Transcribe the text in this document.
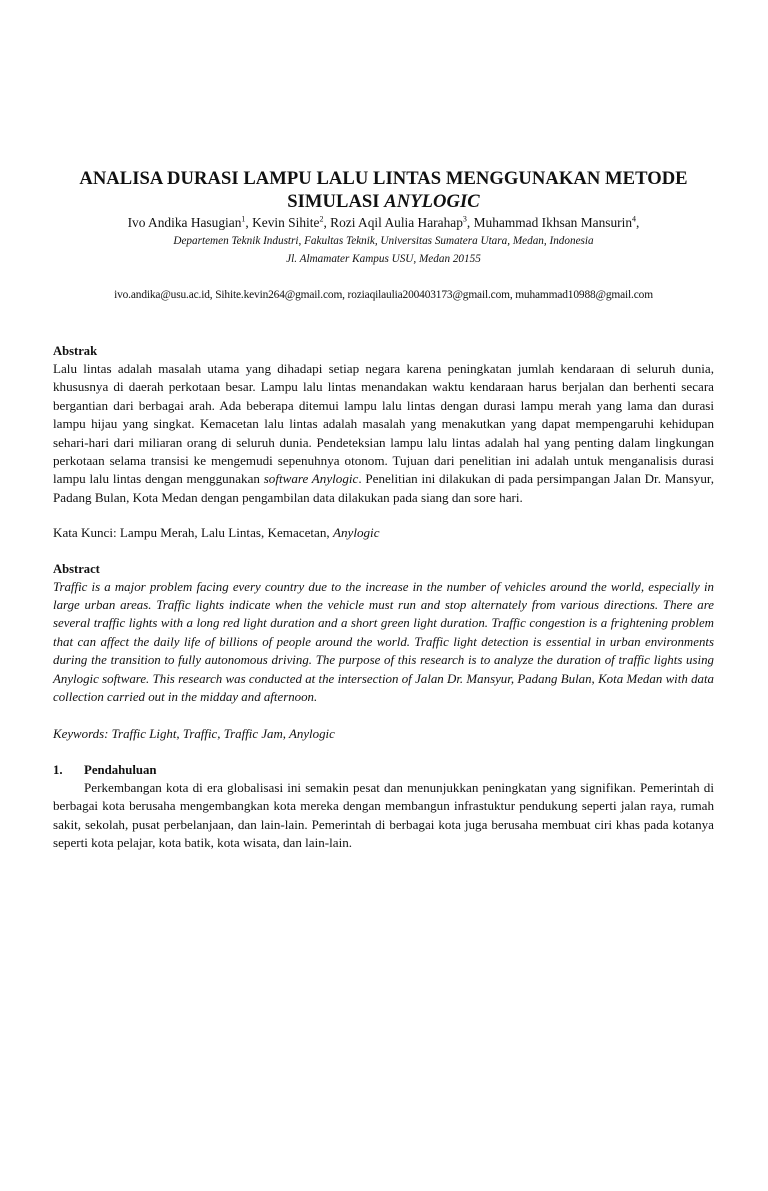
ANALISA DURASI LAMPU LALU LINTAS MENGGUNAKAN METODE
SIMULASI ANYLOGIC
Ivo Andika Hasugian$^1$, Kevin Sihite$^2$, Rozi Aqil Aulia Harahap$^3$, Muhammad Ikhsan Mansurin$^4$,
Departemen Teknik Industri, Fakultas Teknik, Universitas Sumatera Utara, Medan, Indonesia
Jl. Almamater Kampus USU, Medan 20155
ivo.andika@usu.ac.id, Sihite.kevin264@gmail.com, roziaqilaulia200403173@gmail.com, muhammad10988@gmail.com
Abstrak

Lalu lintas adalah masalah utama yang dihadapi setiap negara karena peningkatan jumlah kendaraan di seluruh dunia, khususnya di daerah perkotaan besar. Lampu lalu lintas menandakan waktu kendaraan harus berjalan dan berhenti secara bergantian dari berbagai arah. Ada beberapa ditemui lampu lalu lintas dengan durasi lampu merah yang lama dan durasi lampu hijau yang singkat. Kemacetan lalu lintas adalah masalah yang menakutkan yang dapat mempengaruhi kehidupan sehari-hari dari miliaran orang di seluruh dunia. Pendeteksian lampu lalu lintas adalah hal yang penting dalam lingkungan perkotaan selama transisi ke mengemudi sepenuhnya otonom. Tujuan dari penelitian ini adalah untuk menganalisis durasi lampu lalu lintas dengan menggunakan software Anylogic. Penelitian ini dilakukan di pada persimpangan Jalan Dr. Mansyur, Padang Bulan, Kota Medan dengan pengambilan data dilakukan pada siang dan sore hari.

Kata Kunci: Lampu Merah, Lalu Lintas, Kemacetan, Anylogic

Abstract

Traffic is a major problem facing every country due to the increase in the number of vehicles around the world, especially in large urban areas. Traffic lights indicate when the vehicle must run and stop alternately from various directions. There are several traffic lights with a long red light duration and a short green light duration. Traffic congestion is a frightening problem that can affect the daily life of billions of people around the world. Traffic light detection is essential in urban environments during the transition to fully autonomous driving. The purpose of this research is to analyze the duration of traffic lights using Anylogic software. This research was conducted at the intersection of Jalan Dr. Mansyur, Padang Bulan, Kota Medan with data collection carried out in the midday and afternoon.

Keywords: Traffic Light, Traffic, Traffic Jam, Anylogic

1.	Pendahuluan

Perkembangan kota di era globalisasi ini semakin pesat dan menunjukkan peningkatan yang signifikan. Pemerintah di berbagai kota berusaha mengembangkan kota mereka dengan membangun infrastuktur pendukung seperti jalan raya, rumah sakit, sekolah, pusat perbelanjaan, dan lain-lain. Pemerintah di berbagai kota juga berusaha membuat ciri khas pada kotanya seperti kota pelajar, kota batik, kota wisata, dan lain-lain.
